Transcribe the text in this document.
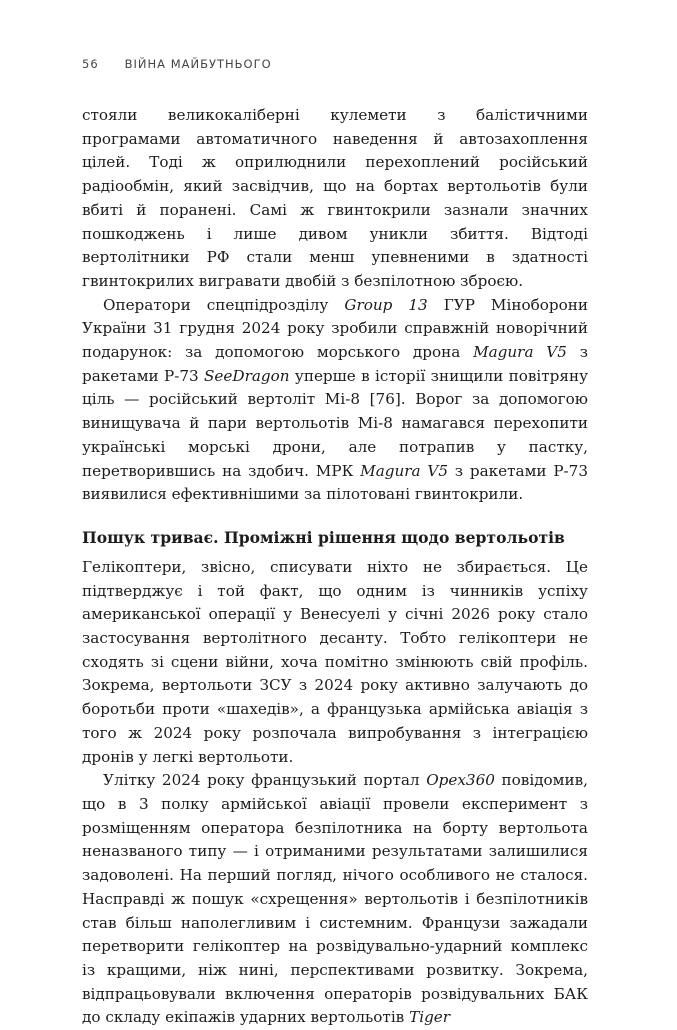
56 ВІЙНА МАЙБУТНЬОГО

стояли великокаліберні кулемети з балістичними програмами автоматичного наведення й автозахоплення цілей. Тоді ж оприлюднили перехоплений російський радіообмін, який засвідчив, що на бортах вертольотів були вбиті й поранені. Самі ж гвинтокрили зазнали значних пошкоджень і лише дивом уникли збиття. Відтоді вертолітники РФ стали менш упевненими в здатності гвинтокрилих вигравати двобій з безпілотною зброєю.

Оператори спецпідрозділу Group 13 ГУР Міноборони України 31 грудня 2024 року зробили справжній новорічний подарунок: за допомогою морського дрона Magura V5 з ракетами Р-73 SeeDragon уперше в історії знищили повітряну ціль — російський вертоліт Мі-8 [76]. Ворог за допомогою винищувача й пари вертольотів Мі-8 намагався перехопити українські морські дрони, але потрапив у пастку, перетворившись на здобич. МРК Magura V5 з ракетами Р-73 виявилися ефективнішими за пілотовані гвинтокрили.

Пошук триває. Проміжні рішення щодо вертольотів

Гелікоптери, звісно, списувати ніхто не збирається. Це підтверджує і той факт, що одним із чинників успіху американської операції у Венесуелі у січні 2026 року стало застосування вертолітного десанту. Тобто гелікоптери не сходять зі сцени війни, хоча помітно змінюють свій профіль. Зокрема, вертольоти ЗСУ з 2024 року активно залучають до боротьби проти «шахедів», а французька армійська авіація з того ж 2024 року розпочала випробування з інтеграцією дронів у легкі вертольоти.

Улітку 2024 року французький портал Opex360 повідомив, що в 3 полку армійської авіації провели експеримент з розміщенням оператора безпілотника на борту вертольота неназваного типу — і отриманими результатами залишилися задоволені. На перший погляд, нічого особливого не сталося. Насправді ж пошук «схрещення» вертольотів і безпілотників став більш наполегливим і системним. Французи зажадали перетворити гелікоптер на розвідувально-ударний комплекс із кращими, ніж нині, перспективами розвитку. Зокрема, відпрацьовували включення операторів розвідувальних БАК до складу екіпажів ударних вертольотів Tiger
